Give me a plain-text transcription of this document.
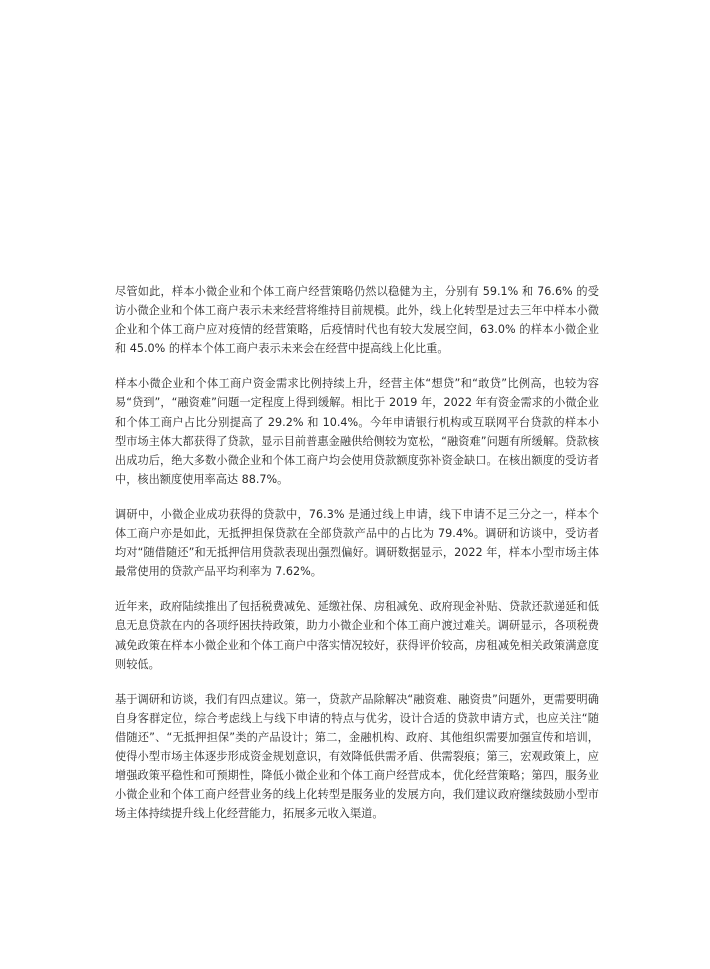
尽管如此，样本小微企业和个体工商户经营策略仍然以稳健为主，分别有 59.1% 和 76.6% 的受访小微企业和个体工商户表示未来经营将维持目前规模。此外，线上化转型是过去三年中样本小微企业和个体工商户应对疫情的经营策略，后疫情时代也有较大发展空间，63.0% 的样本小微企业和 45.0% 的样本个体工商户表示未来会在经营中提高线上化比重。

样本小微企业和个体工商户资金需求比例持续上升，经营主体“想贷”和“敢贷”比例高，也较为容易“贷到”，“融资难”问题一定程度上得到缓解。相比于 2019 年，2022 年有资金需求的小微企业和个体工商户占比分别提高了 29.2% 和 10.4%。今年申请银行机构或互联网平台贷款的样本小型市场主体大都获得了贷款，显示目前普惠金融供给侧较为宽松，“融资难”问题有所缓解。贷款核出成功后，绝大多数小微企业和个体工商户均会使用贷款额度弥补资金缺口。在核出额度的受访者中，核出额度使用率高达 88.7%。

调研中，小微企业成功获得的贷款中，76.3% 是通过线上申请，线下申请不足三分之一，样本个体工商户亦是如此，无抵押担保贷款在全部贷款产品中的占比为 79.4%。调研和访谈中，受访者均对“随借随还”和无抵押信用贷款表现出强烈偏好。调研数据显示，2022 年，样本小型市场主体最常使用的贷款产品平均利率为 7.62%。

近年来，政府陆续推出了包括税费减免、延缴社保、房租减免、政府现金补贴、贷款还款递延和低息无息贷款在内的各项纾困扶持政策，助力小微企业和个体工商户渡过难关。调研显示，各项税费减免政策在样本小微企业和个体工商户中落实情况较好，获得评价较高，房租减免相关政策满意度则较低。

基于调研和访谈，我们有四点建议。第一，贷款产品除解决“融资难、融资贵”问题外，更需要明确自身客群定位，综合考虑线上与线下申请的特点与优劣，设计合适的贷款申请方式，也应关注“随借随还”、“无抵押担保”类的产品设计；第二，金融机构、政府、其他组织需要加强宣传和培训，使得小型市场主体逐步形成资金规划意识，有效降低供需矛盾、供需裂痕；第三，宏观政策上，应增强政策平稳性和可预期性，降低小微企业和个体工商户经营成本，优化经营策略；第四，服务业小微企业和个体工商户经营业务的线上化转型是服务业的发展方向，我们建议政府继续鼓励小型市场主体持续提升线上化经营能力，拓展多元收入渠道。
